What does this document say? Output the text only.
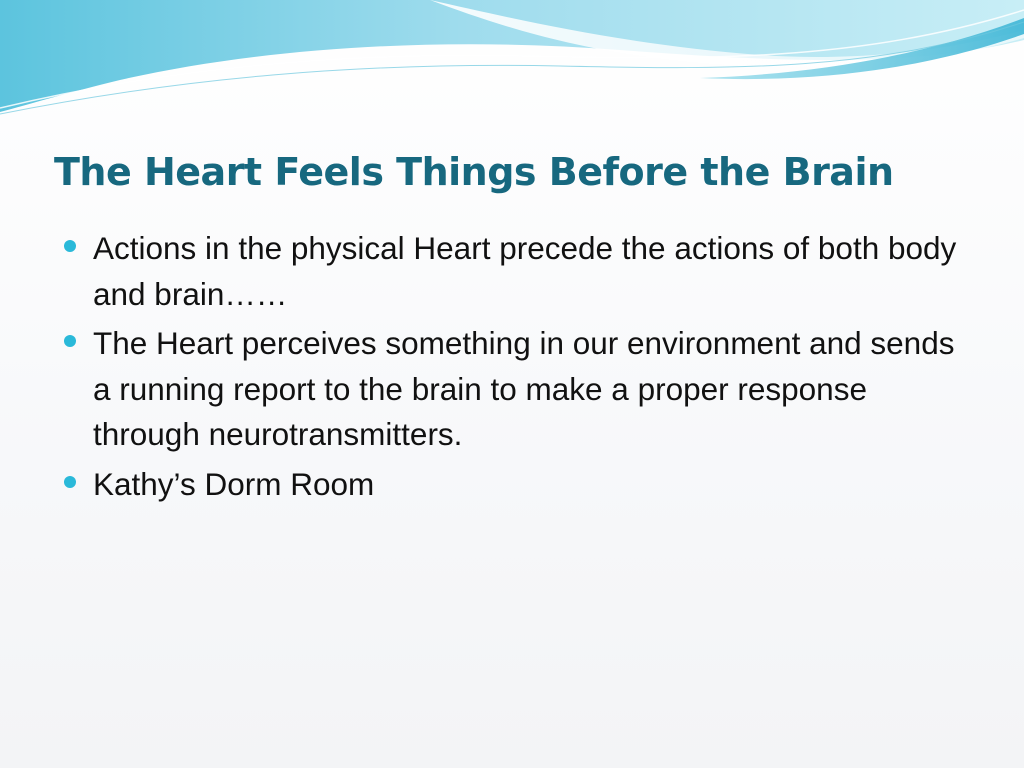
The Heart Feels Things Before the Brain
Actions in the physical Heart precede the actions of both body and brain……
The Heart perceives something in our environment and sends a running report to the brain to make a proper response through neurotransmitters.
Kathy’s Dorm Room
